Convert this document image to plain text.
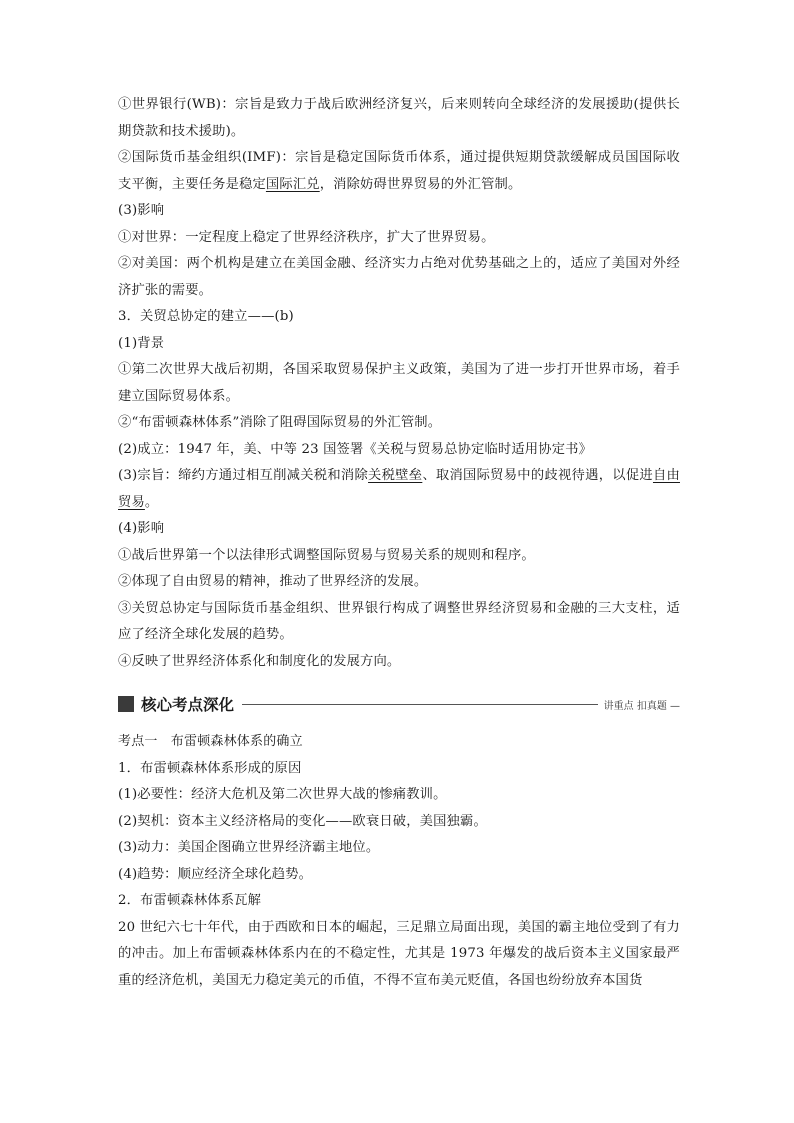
①世界银行(WB)：宗旨是致力于战后欧洲经济复兴，后来则转向全球经济的发展援助(提供长期贷款和技术援助)。

②国际货币基金组织(IMF)：宗旨是稳定国际货币体系，通过提供短期贷款缓解成员国国际收支平衡，主要任务是稳定国际汇兑，消除妨碍世界贸易的外汇管制。

(3)影响

①对世界：一定程度上稳定了世界经济秩序，扩大了世界贸易。

②对美国：两个机构是建立在美国金融、经济实力占绝对优势基础之上的，适应了美国对外经济扩张的需要。

3．关贸总协定的建立——(b)

(1)背景

①第二次世界大战后初期，各国采取贸易保护主义政策，美国为了进一步打开世界市场，着手建立国际贸易体系。

②“布雷顿森林体系”消除了阻碍国际贸易的外汇管制。

(2)成立：1947 年，美、中等 23 国签署《关税与贸易总协定临时适用协定书》

(3)宗旨：缔约方通过相互削减关税和消除关税壁垒、取消国际贸易中的歧视待遇，以促进自由贸易。

(4)影响

①战后世界第一个以法律形式调整国际贸易与贸易关系的规则和程序。

②体现了自由贸易的精神，推动了世界经济的发展。

③关贸总协定与国际货币基金组织、世界银行构成了调整世界经济贸易和金融的三大支柱，适应了经济全球化发展的趋势。

④反映了世界经济体系化和制度化的发展方向。

核心考点深化	讲重点 扣真题 —

考点一　布雷顿森林体系的确立

1．布雷顿森林体系形成的原因

(1)必要性：经济大危机及第二次世界大战的惨痛教训。

(2)契机：资本主义经济格局的变化——欧衰日破，美国独霸。

(3)动力：美国企图确立世界经济霸主地位。

(4)趋势：顺应经济全球化趋势。

2．布雷顿森林体系瓦解

20 世纪六七十年代，由于西欧和日本的崛起，三足鼎立局面出现，美国的霸主地位受到了有力的冲击。加上布雷顿森林体系内在的不稳定性，尤其是 1973 年爆发的战后资本主义国家最严重的经济危机，美国无力稳定美元的币值，不得不宣布美元贬值，各国也纷纷放弃本国货
